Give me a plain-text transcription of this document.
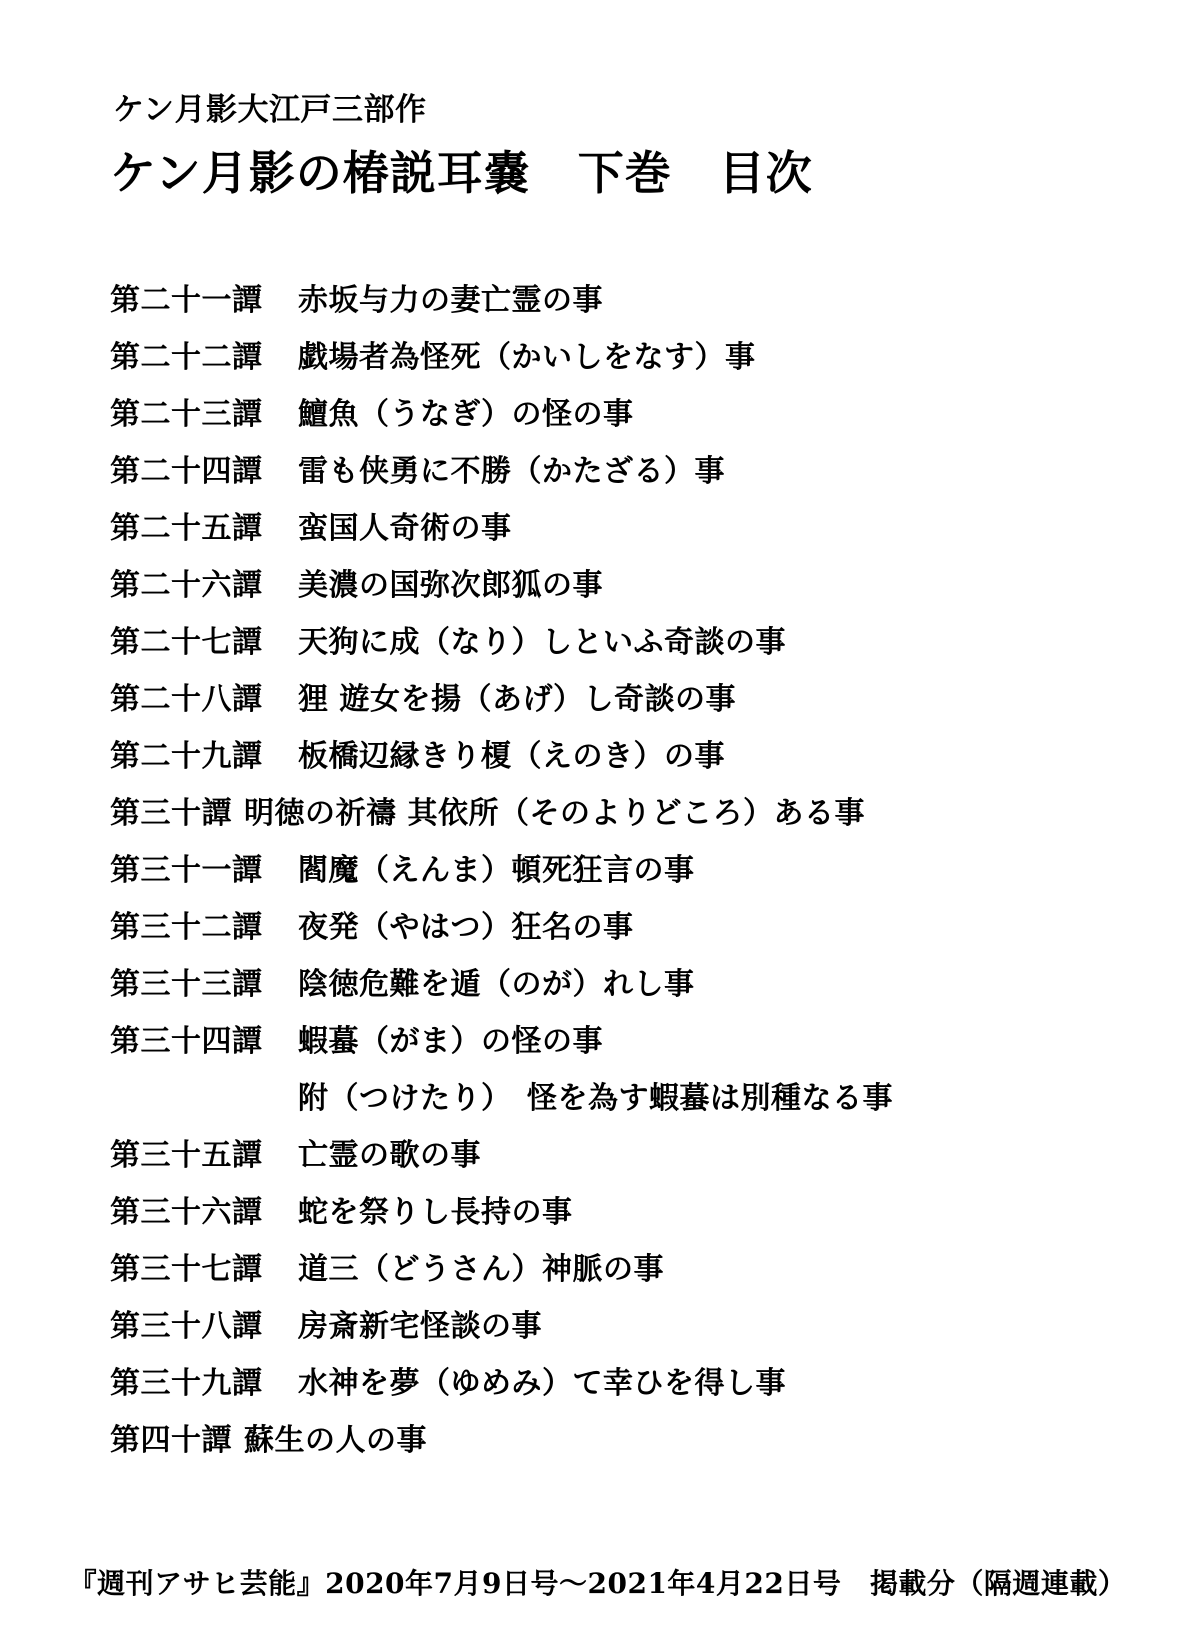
ケン月影大江戸三部作
ケン月影の椿説耳嚢　下巻　目次
第二十一譚	赤坂与力の妻亡霊の事
第二十二譚	戯場者為怪死（かいしをなす）事
第二十三譚	鱣魚（うなぎ）の怪の事
第二十四譚	雷も侠勇に不勝（かたざる）事
第二十五譚	蛮国人奇術の事
第二十六譚	美濃の国弥次郎狐の事
第二十七譚	天狗に成（なり）しといふ奇談の事
第二十八譚	狸 遊女を揚（あげ）し奇談の事
第二十九譚	板橋辺縁きり榎（えのき）の事
第三十譚 明徳の祈禱 其依所（そのよりどころ）ある事
第三十一譚	閻魔（えんま）頓死狂言の事
第三十二譚	夜発（やはつ）狂名の事
第三十三譚	陰徳危難を遁（のが）れし事
第三十四譚	蝦蟇（がま）の怪の事
附（つけたり）　怪を為す蝦蟇は別種なる事
第三十五譚	亡霊の歌の事
第三十六譚	蛇を祭りし長持の事
第三十七譚	道三（どうさん）神脈の事
第三十八譚	房斎新宅怪談の事
第三十九譚	水神を夢（ゆめみ）て幸ひを得し事
第四十譚 蘇生の人の事
『週刊アサヒ芸能』2020年7月9日号〜2021年4月22日号　掲載分（隔週連載）
